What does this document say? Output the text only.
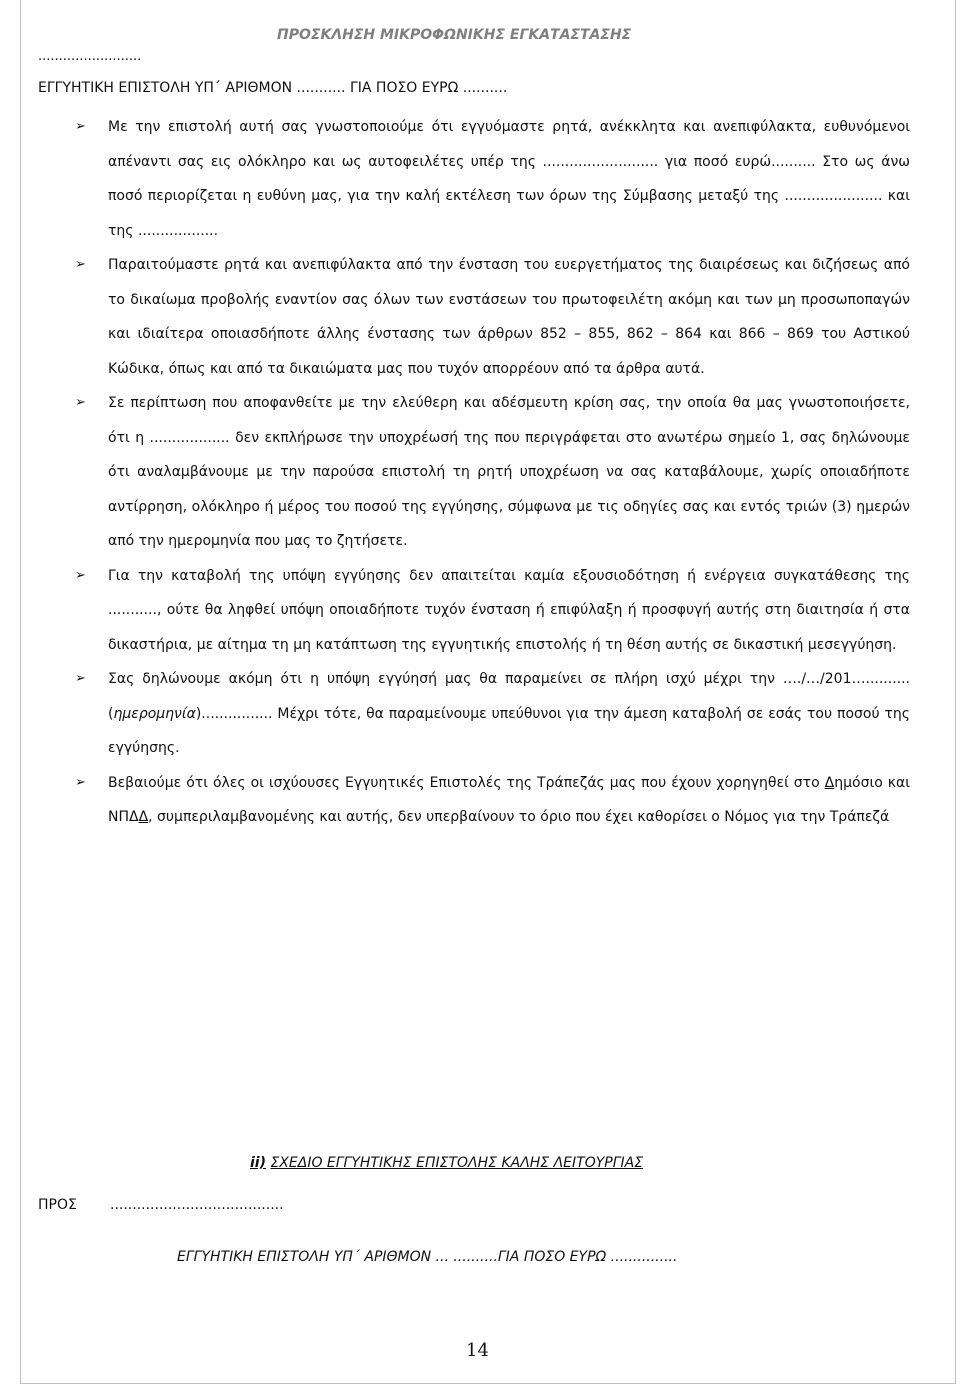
ΠΡΟΣΚΛΗΣΗ ΜΙΚΡΟΦΩΝΙΚΗΣ ΕΓΚΑΤΑΣΤΑΣΗΣ
.........................
ΕΓΓΥΗΤΙΚΗ ΕΠΙΣΤΟΛΗ ΥΠ΄ ΑΡΙΘΜΟΝ ........... ΓΙΑ ΠΟΣΟ ΕΥΡΩ ..........
➢ Με την επιστολή αυτή σας γνωστοποιούμε ότι εγγυόμαστε ρητά, ανέκκλητα και ανεπιφύλακτα, ευθυνόμενοι απέναντι σας εις ολόκληρο και ως αυτοφειλέτες υπέρ της .......................... για ποσό ευρώ.......... Στο ως άνω ποσό περιορίζεται η ευθύνη μας, για την καλή εκτέλεση των όρων της Σύμβασης μεταξύ της ...................... και της ..................
➢ Παραιτούμαστε ρητά και ανεπιφύλακτα από την ένσταση του ευεργετήματος της διαιρέσεως και διζήσεως από το δικαίωμα προβολής εναντίον σας όλων των ενστάσεων του πρωτοφειλέτη ακόμη και των μη προσωποπαγών και ιδιαίτερα οποιασδήποτε άλλης ένστασης των άρθρων 852 – 855, 862 – 864 και 866 – 869 του Αστικού Κώδικα, όπως και από τα δικαιώματα μας που τυχόν απορρέουν από τα άρθρα αυτά.
➢ Σε περίπτωση που αποφανθείτε με την ελεύθερη και αδέσμευτη κρίση σας, την οποία θα μας γνωστοποιήσετε, ότι η .................. δεν εκπλήρωσε την υποχρέωσή της που περιγράφεται στο ανωτέρω σημείο 1, σας δηλώνουμε ότι αναλαμβάνουμε με την παρούσα επιστολή τη ρητή υποχρέωση να σας καταβάλουμε, χωρίς οποιαδήποτε αντίρρηση, ολόκληρο ή μέρος του ποσού της εγγύησης, σύμφωνα με τις οδηγίες σας και εντός τριών (3) ημερών από την ημερομηνία που μας το ζητήσετε.
➢ Για την καταβολή της υπόψη εγγύησης δεν απαιτείται καμία εξουσιοδότηση ή ενέργεια συγκατάθεσης της ..........., ούτε θα ληφθεί υπόψη οποιαδήποτε τυχόν ένσταση ή επιφύλαξη ή προσφυγή αυτής στη διαιτησία ή στα δικαστήρια, με αίτημα τη μη κατάπτωση της εγγυητικής επιστολής ή τη θέση αυτής σε δικαστική μεσεγγύηση.
➢ Σας δηλώνουμε ακόμη ότι η υπόψη εγγύησή μας θα παραμείνει σε πλήρη ισχύ μέχρι την …./…/201…..........(ημερομηνία)................ Μέχρι τότε, θα παραμείνουμε υπεύθυνοι για την άμεση καταβολή σε εσάς του ποσού της εγγύησης.
➢ Βεβαιούμε ότι όλες οι ισχύουσες Εγγυητικές Επιστολές της Τράπεζάς μας που έχουν χορηγηθεί στο Δημόσιο και ΝΠΔΔ, συμπεριλαμβανομένης και αυτής, δεν υπερβαίνουν το όριο που έχει καθορίσει ο Νόμος για την Τράπεζά
ii) ΣΧΕΔΙΟ ΕΓΓΥΗΤΙΚΗΣ ΕΠΙΣΤΟΛΗΣ ΚΑΛΗΣ ΛΕΙΤΟΥΡΓΙΑΣ
ΠΡΟΣ .......................................
ΕΓΓΥΗΤΙΚΗ ΕΠΙΣΤΟΛΗ ΥΠ΄ ΑΡΙΘΜΟΝ ... ..........ΓΙΑ ΠΟΣΟ ΕΥΡΩ ...............
14
